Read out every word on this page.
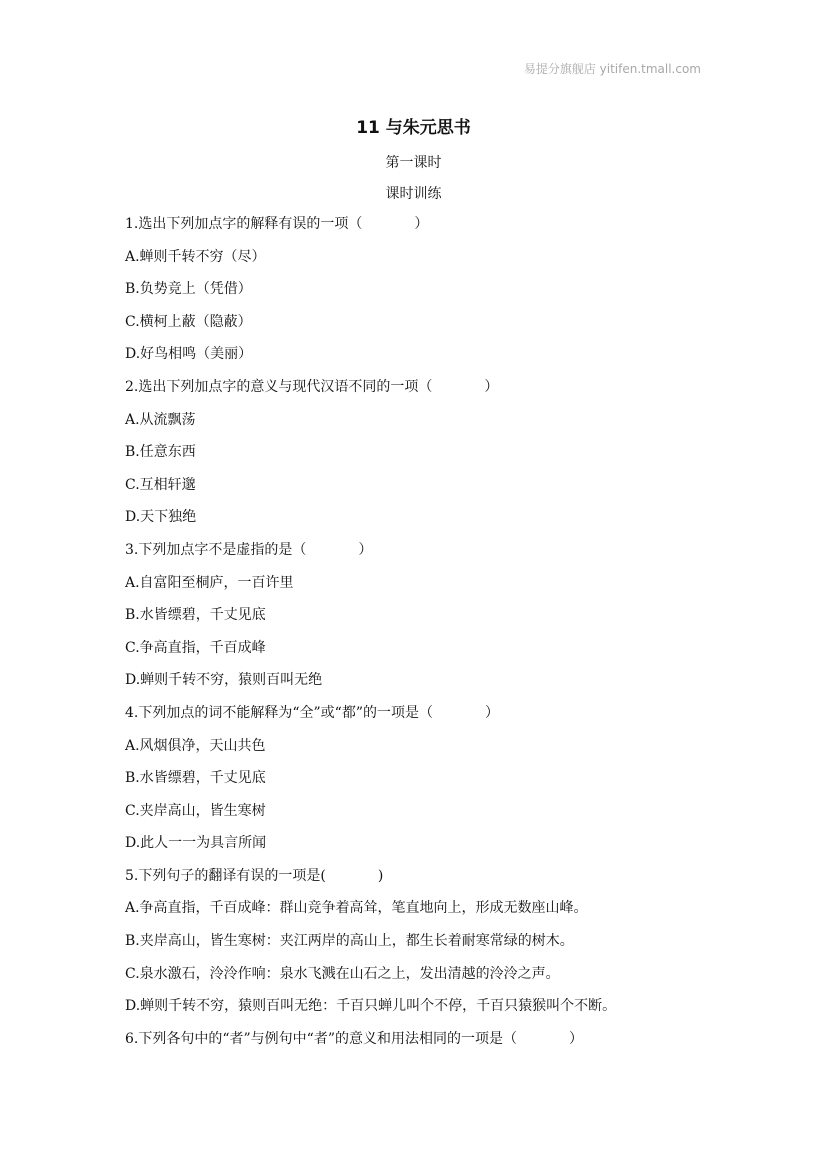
易提分旗舰店 yitifen.tmall.com
11 与朱元思书
第一课时
课时训练
1.选出下列加点字的解释有误的一项（	）
A.蝉则千转不穷（尽）
B.负势竞上（凭借）
C.横柯上蔽（隐蔽）
D.好鸟相鸣（美丽）
2.选出下列加点字的意义与现代汉语不同的一项（	）
A.从流飘荡
B.任意东西
C.互相轩邈
D.天下独绝
3.下列加点字不是虚指的是（	）
A.自富阳至桐庐，一百许里
B.水皆缥碧，千丈见底
C.争高直指，千百成峰
D.蝉则千转不穷，猿则百叫无绝
4.下列加点的词不能解释为“全”或“都”的一项是（	）
A.风烟俱净，天山共色
B.水皆缥碧，千丈见底
C.夹岸高山，皆生寒树
D.此人一一为具言所闻
5.下列句子的翻译有误的一项是(	)
A.争高直指，千百成峰：群山竞争着高耸，笔直地向上，形成无数座山峰。
B.夹岸高山，皆生寒树：夹江两岸的高山上，都生长着耐寒常绿的树木。
C.泉水激石，泠泠作响：泉水飞溅在山石之上，发出清越的泠泠之声。
D.蝉则千转不穷，猿则百叫无绝：千百只蝉儿叫个不停，千百只猿猴叫个不断。
6.下列各句中的“者”与例句中“者”的意义和用法相同的一项是（	）
